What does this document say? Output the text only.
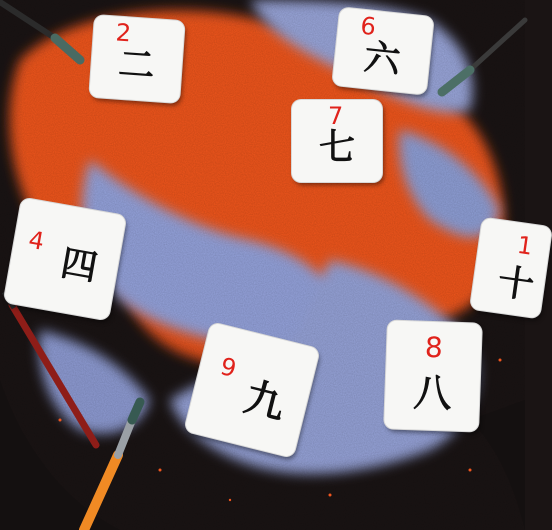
2
二
6
六
7
七
4
四	1
十
9
九
8
八
